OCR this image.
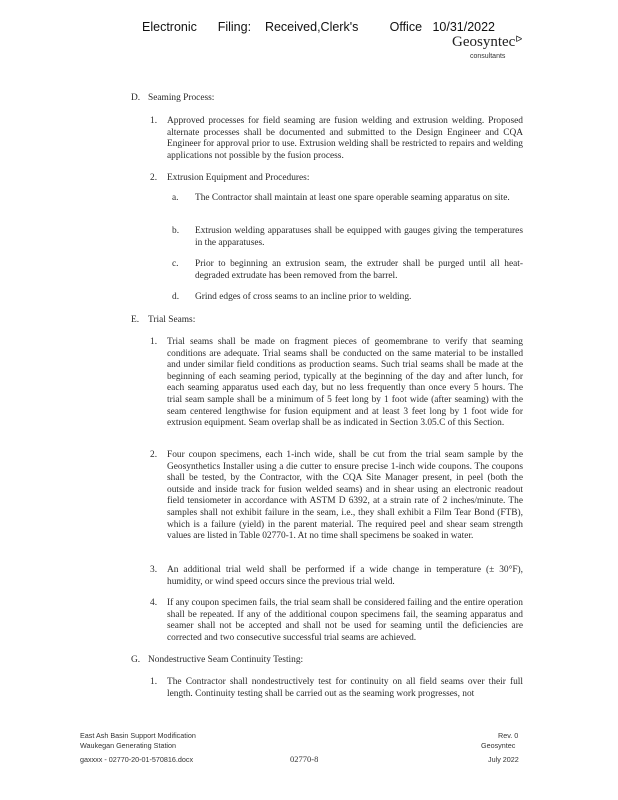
Electronic      Filing:    Received,Clerk's         Office   10/31/2022
Geosyntec$^ᐅ$
consultants
D. Seaming Process:
1. Approved processes for field seaming are fusion welding and extrusion welding. Proposed alternate processes shall be documented and submitted to the Design Engineer and CQA Engineer for approval prior to use. Extrusion welding shall be restricted to repairs and welding applications not possible by the fusion process.
2. Extrusion Equipment and Procedures:
a. The Contractor shall maintain at least one spare operable seaming apparatus on site.
b. Extrusion welding apparatuses shall be equipped with gauges giving the temperatures in the apparatuses.
c. Prior to beginning an extrusion seam, the extruder shall be purged until all heat-degraded extrudate has been removed from the barrel.
d. Grind edges of cross seams to an incline prior to welding.
E. Trial Seams:
1. Trial seams shall be made on fragment pieces of geomembrane to verify that seaming conditions are adequate. Trial seams shall be conducted on the same material to be installed and under similar field conditions as production seams. Such trial seams shall be made at the beginning of each seaming period, typically at the beginning of the day and after lunch, for each seaming apparatus used each day, but no less frequently than once every 5 hours. The trial seam sample shall be a minimum of 5 feet long by 1 foot wide (after seaming) with the seam centered lengthwise for fusion equipment and at least 3 feet long by 1 foot wide for extrusion equipment. Seam overlap shall be as indicated in Section 3.05.C of this Section.
2. Four coupon specimens, each 1-inch wide, shall be cut from the trial seam sample by the Geosynthetics Installer using a die cutter to ensure precise 1-inch wide coupons. The coupons shall be tested, by the Contractor, with the CQA Site Manager present, in peel (both the outside and inside track for fusion welded seams) and in shear using an electronic readout field tensiometer in accordance with ASTM D 6392, at a strain rate of 2 inches/minute. The samples shall not exhibit failure in the seam, i.e., they shall exhibit a Film Tear Bond (FTB), which is a failure (yield) in the parent material. The required peel and shear seam strength values are listed in Table 02770-1. At no time shall specimens be soaked in water.
3. An additional trial weld shall be performed if a wide change in temperature (± 30°F), humidity, or wind speed occurs since the previous trial weld.
4. If any coupon specimen fails, the trial seam shall be considered failing and the entire operation shall be repeated. If any of the additional coupon specimens fail, the seaming apparatus and seamer shall not be accepted and shall not be used for seaming until the deficiencies are corrected and two consecutive successful trial seams are achieved.
G. Nondestructive Seam Continuity Testing:
1. The Contractor shall nondestructively test for continuity on all field seams over their full length. Continuity testing shall be carried out as the seaming work progresses, not
East Ash Basin Support Modification
Waukegan Generating Station
gaxxxx - 02770-20-01-570816.docx	02770-8
Rev. 0
Geosyntec
July 2022
